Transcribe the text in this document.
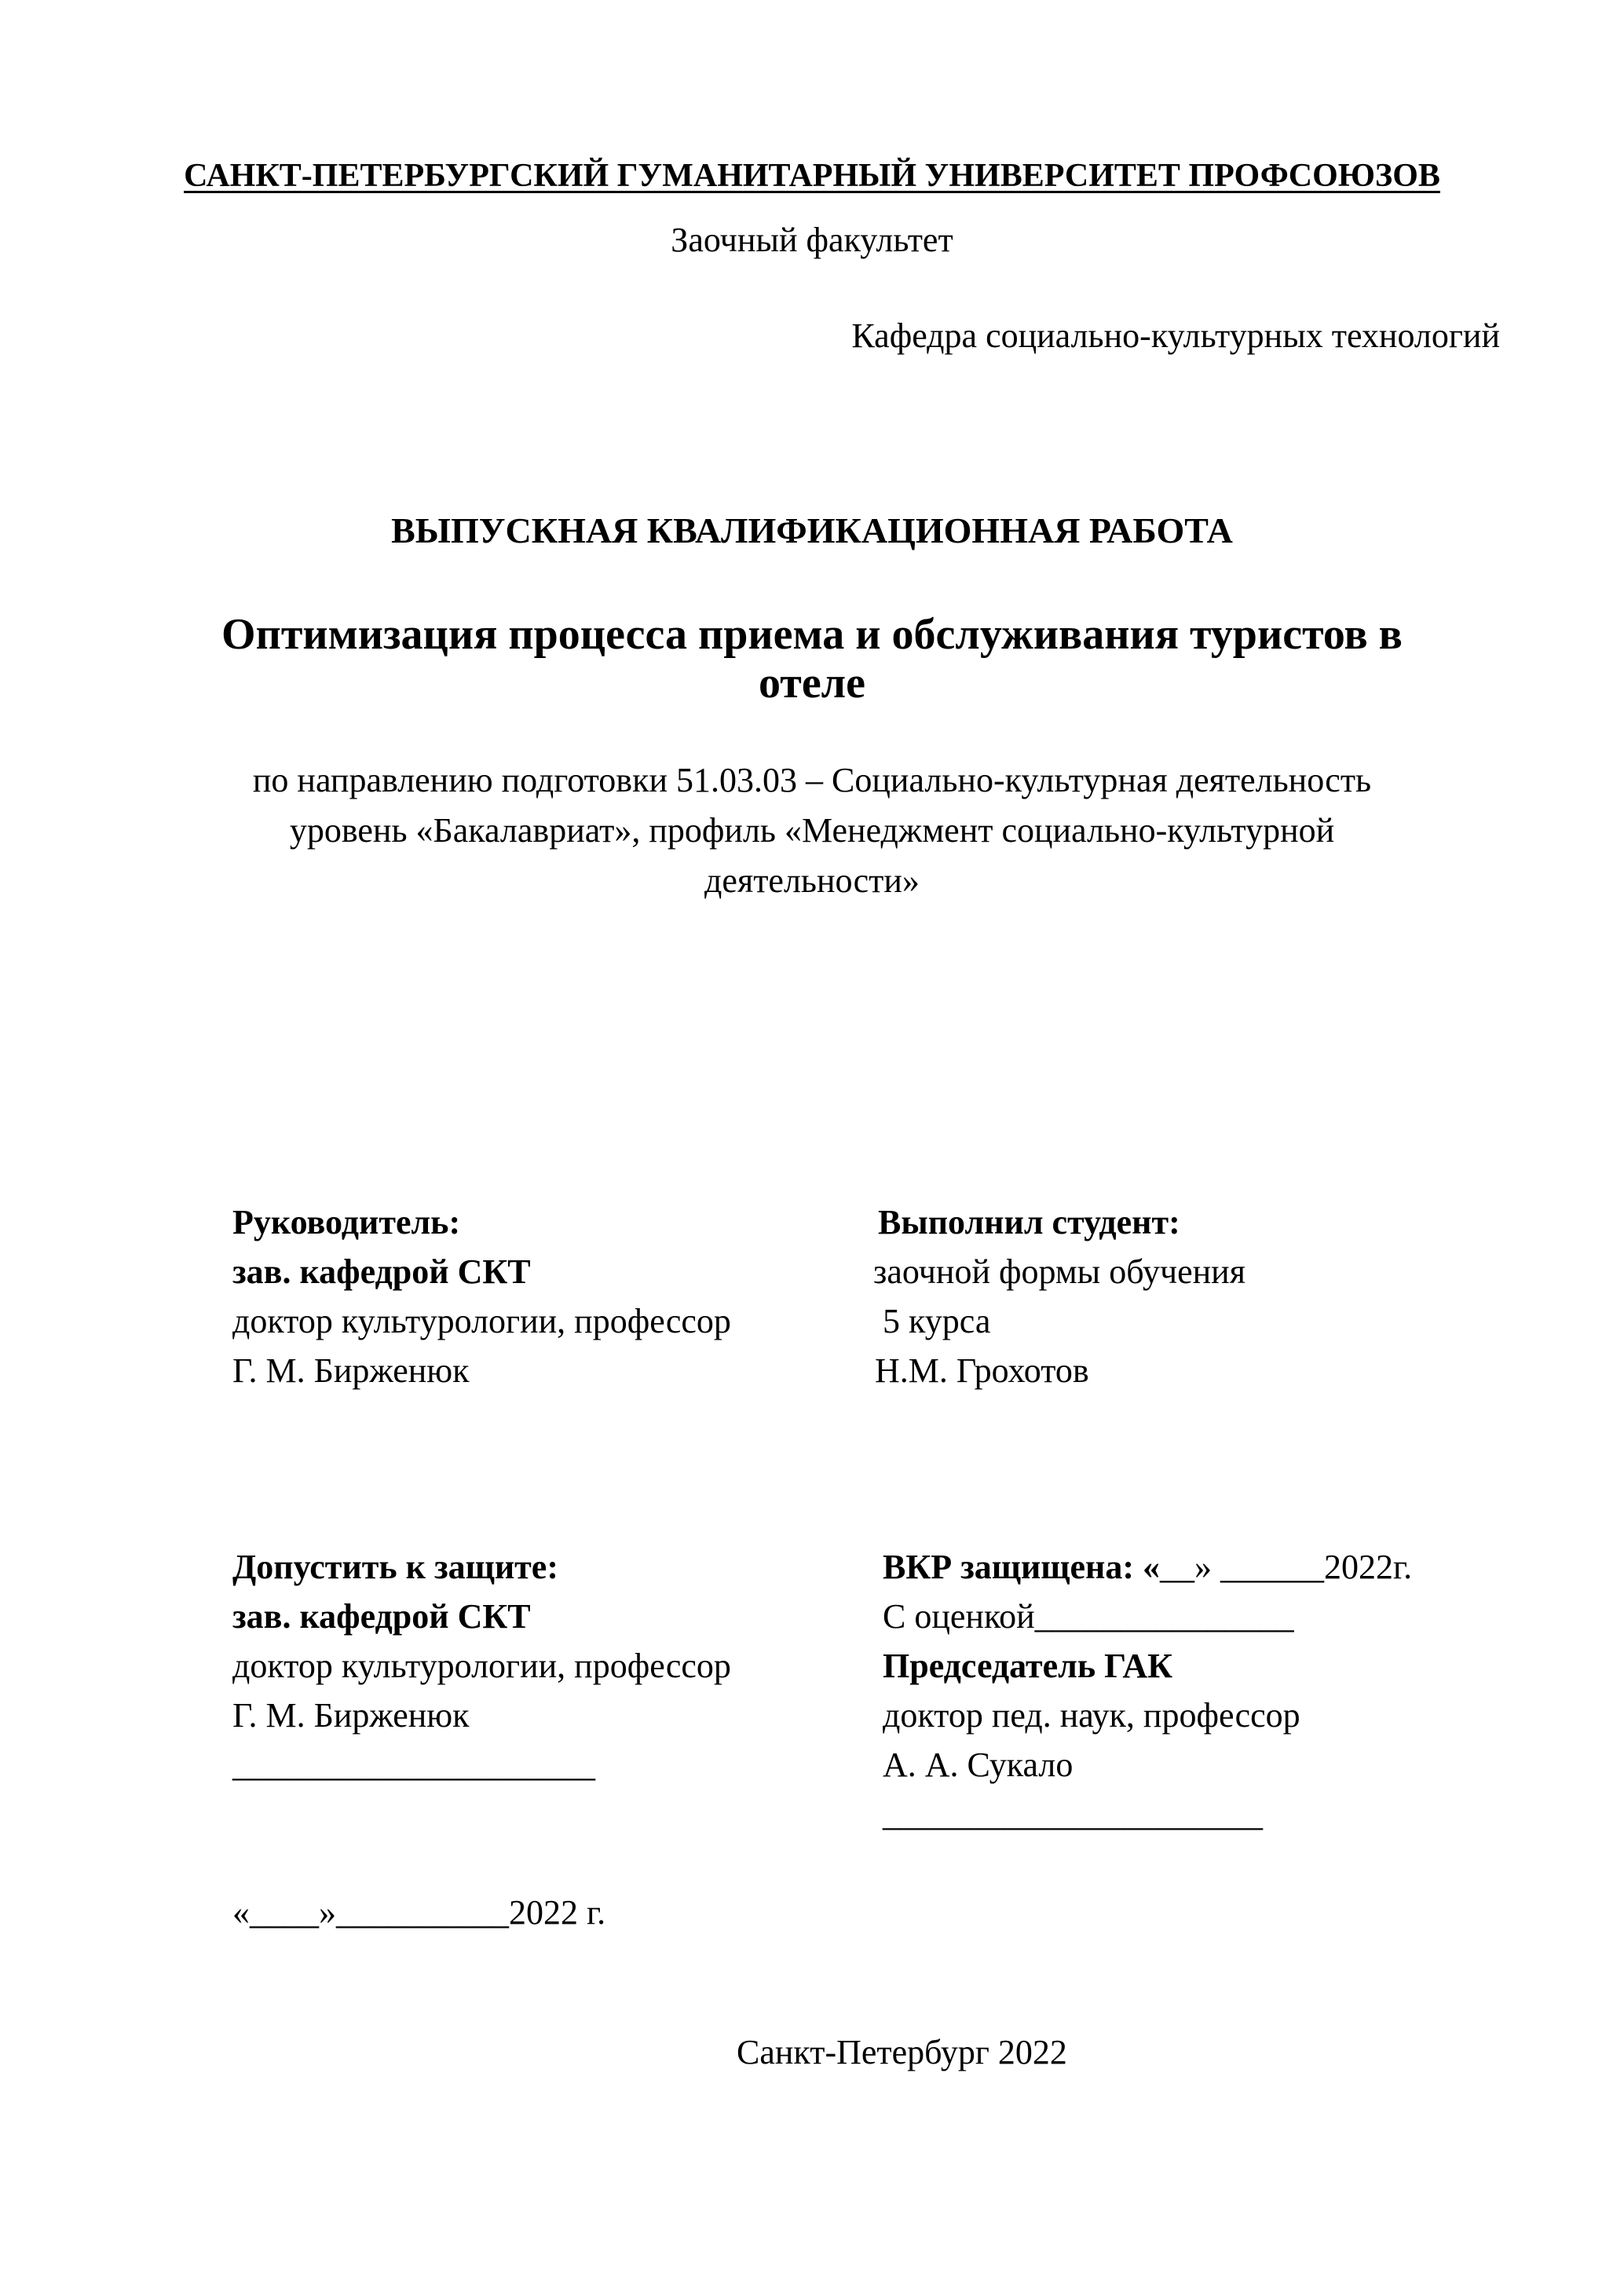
САНКТ-ПЕТЕРБУРГСКИЙ ГУМАНИТАРНЫЙ УНИВЕРСИТЕТ ПРОФСОЮЗОВ
Заочный факультет
Кафедра социально-культурных технологий
ВЫПУСКНАЯ КВАЛИФИКАЦИОННАЯ РАБОТА
Оптимизация процесса приема и обслуживания туристов в
отеле
по направлению подготовки 51.03.03 – Социально-культурная деятельность
уровень «Бакалавриат», профиль «Менеджмент социально-культурной
деятельности»
Руководитель:
зав. кафедрой СКТ
доктор культурологии, профессор
Г. М. Бирженюк
Выполнил студент:
заочной формы обучения
5 курса
Н.М. Грохотов
Допустить к защите:
зав. кафедрой СКТ
доктор культурологии, профессор
Г. М. Бирженюк
_____________________
ВКР защищена: «__» ______2022г.
С оценкой_______________
Председатель ГАК
доктор пед. наук, профессор
А. А. Сукало
______________________
«____»__________2022 г.
Санкт-Петербург 2022
